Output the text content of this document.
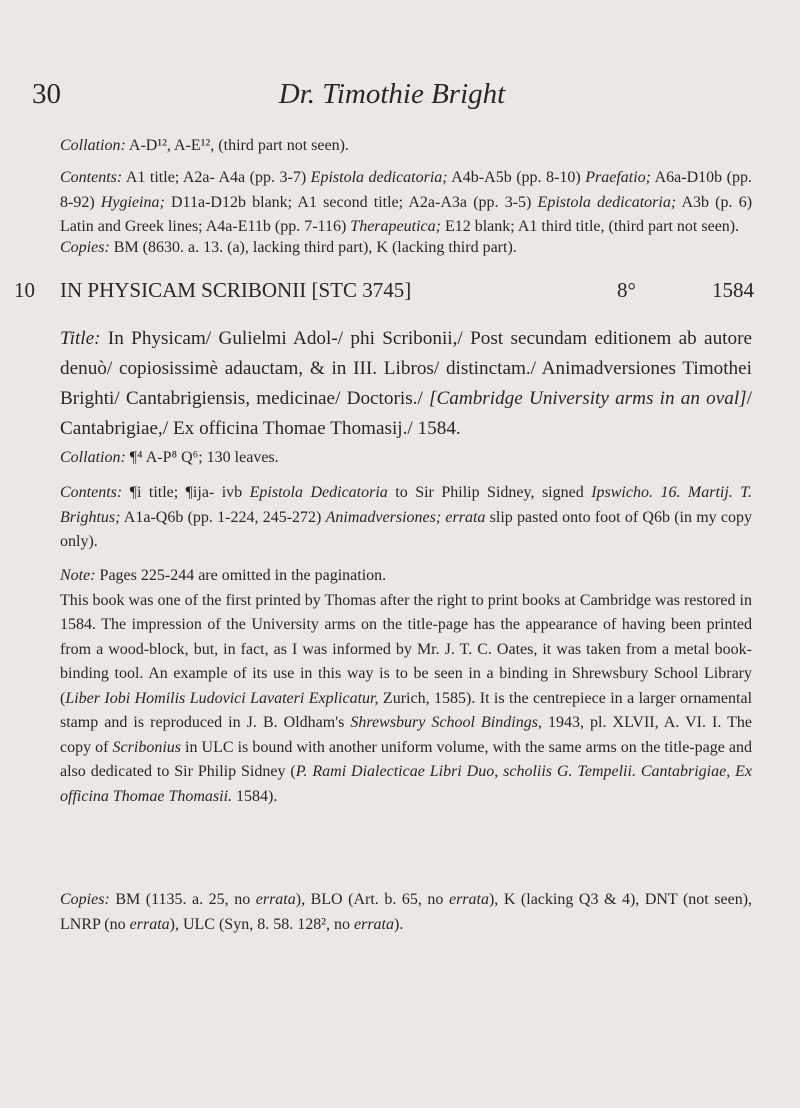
30	Dr. Timothie Bright

Collation: A-D¹², A-E¹², (third part not seen).

Contents: A1 title; A2a- A4a (pp. 3-7) Epistola dedicatoria; A4b-A5b (pp. 8-10) Praefatio; A6a-D10b (pp. 8-92) Hygieina; D11a-D12b blank; A1 second title; A2a-A3a (pp. 3-5) Epistola dedicatoria; A3b (p. 6) Latin and Greek lines; A4a-E11b (pp. 7-116) Therapeutica; E12 blank; A1 third title, (third part not seen).

Copies: BM (8630. a. 13. (a), lacking third part), K (lacking third part).

10 IN PHYSICAM SCRIBONII [STC 3745]	8°	1584

Title: In Physicam/ Gulielmi Adol-/ phi Scribonii,/ Post secundam editionem ab autore denuò/ copiosissimè adauctam, & in III. Libros/ distinctam./ Animadversiones Timothei Brighti/ Cantabrigiensis, medicinae/ Doctoris./ [Cambridge University arms in an oval]/ Cantabrigiae,/ Ex officina Thomae Thomasij./ 1584.

Collation: ¶⁴ A-P⁸ Q⁶; 130 leaves.

Contents: ¶i title; ¶ija- ivb Epistola Dedicatoria to Sir Philip Sidney, signed Ipswicho. 16. Martij. T. Brightus; A1a-Q6b (pp. 1-224, 245-272) Animadversiones; errata slip pasted onto foot of Q6b (in my copy only).

Note: Pages 225-244 are omitted in the pagination.

This book was one of the first printed by Thomas after the right to print books at Cambridge was restored in 1584. The impression of the University arms on the title-page has the appearance of having been printed from a wood-block, but, in fact, as I was informed by Mr. J. T. C. Oates, it was taken from a metal book-binding tool. An example of its use in this way is to be seen in a binding in Shrewsbury School Library (Liber Iobi Homilis Ludovici Lavateri Explicatur, Zurich, 1585). It is the centrepiece in a larger ornamental stamp and is reproduced in J. B. Oldham's Shrewsbury School Bindings, 1943, pl. XLVII, A. VI. I. The copy of Scribonius in ULC is bound with another uniform volume, with the same arms on the title-page and also dedicated to Sir Philip Sidney (P. Rami Dialecticae Libri Duo, scholiis G. Tempelii. Cantabrigiae, Ex officina Thomae Thomasii. 1584).

Copies: BM (1135. a. 25, no errata), BLO (Art. b. 65, no errata), K (lacking Q3 & 4), DNT (not seen), LNRP (no errata), ULC (Syn, 8. 58. 128², no errata).
